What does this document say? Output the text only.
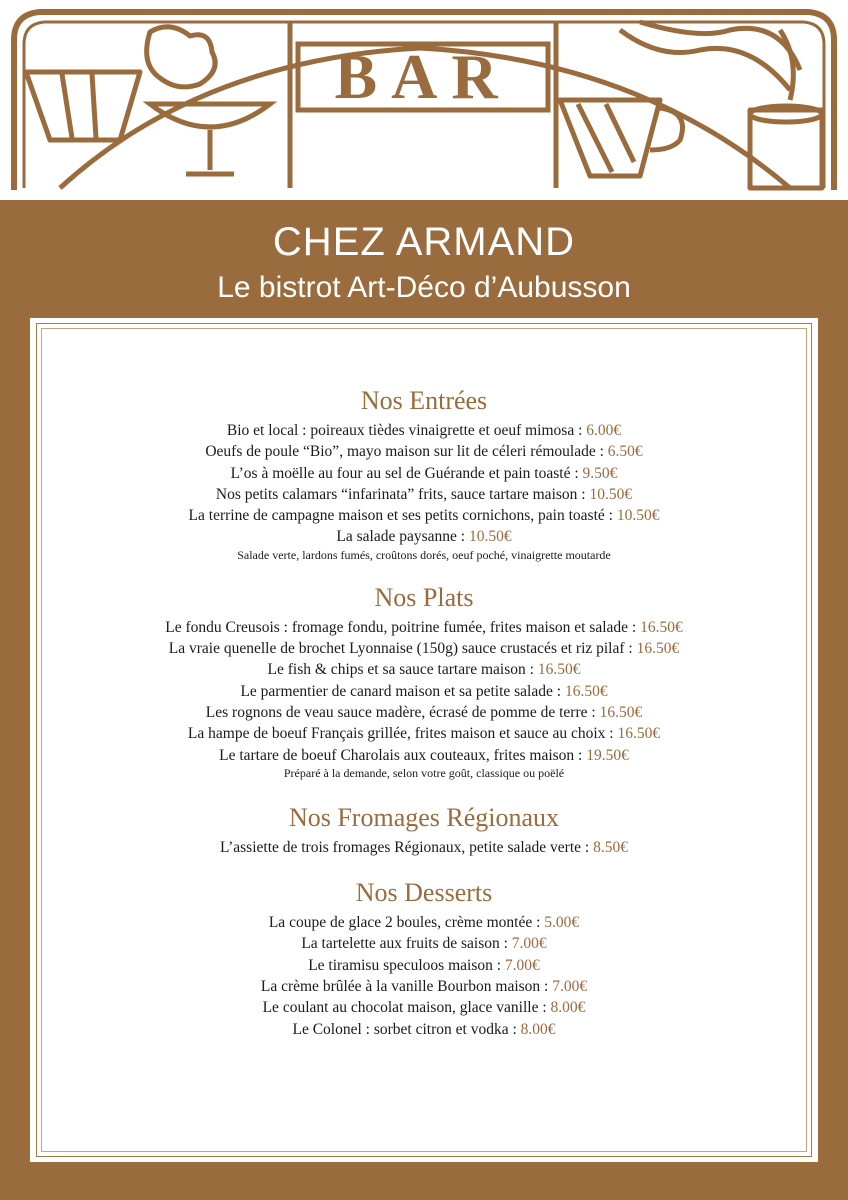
BAR
CHEZ ARMAND
Le bistrot Art-Déco d’Aubusson
Nos Entrées
Bio et local : poireaux tièdes vinaigrette et oeuf mimosa : 6.00€
Oeufs de poule “Bio”, mayo maison sur lit de céleri rémoulade : 6.50€
L’os à moëlle au four au sel de Guérande et pain toasté : 9.50€
Nos petits calamars “infarinata” frits, sauce tartare maison : 10.50€
La terrine de campagne maison et ses petits cornichons, pain toasté : 10.50€
La salade paysanne : 10.50€
Salade verte, lardons fumés, croûtons dorés, oeuf poché, vinaigrette moutarde
Nos Plats
Le fondu Creusois : fromage fondu, poitrine fumée, frites maison et salade : 16.50€
La vraie quenelle de brochet Lyonnaise (150g) sauce crustacés et riz pilaf : 16.50€
Le fish & chips et sa sauce tartare maison : 16.50€
Le parmentier de canard maison et sa petite salade : 16.50€
Les rognons de veau sauce madère, écrasé de pomme de terre : 16.50€
La hampe de boeuf Français grillée, frites maison et sauce au choix : 16.50€
Le tartare de boeuf Charolais aux couteaux, frites maison : 19.50€
Préparé à la demande, selon votre goût, classique ou poëlé
Nos Fromages Régionaux
L’assiette de trois fromages Régionaux, petite salade verte : 8.50€
Nos Desserts
La coupe de glace 2 boules, crème montée : 5.00€
La tartelette aux fruits de saison : 7.00€
Le tiramisu speculoos maison : 7.00€
La crème brûlée à la vanille Bourbon maison : 7.00€
Le coulant au chocolat maison, glace vanille : 8.00€
Le Colonel : sorbet citron et vodka : 8.00€
